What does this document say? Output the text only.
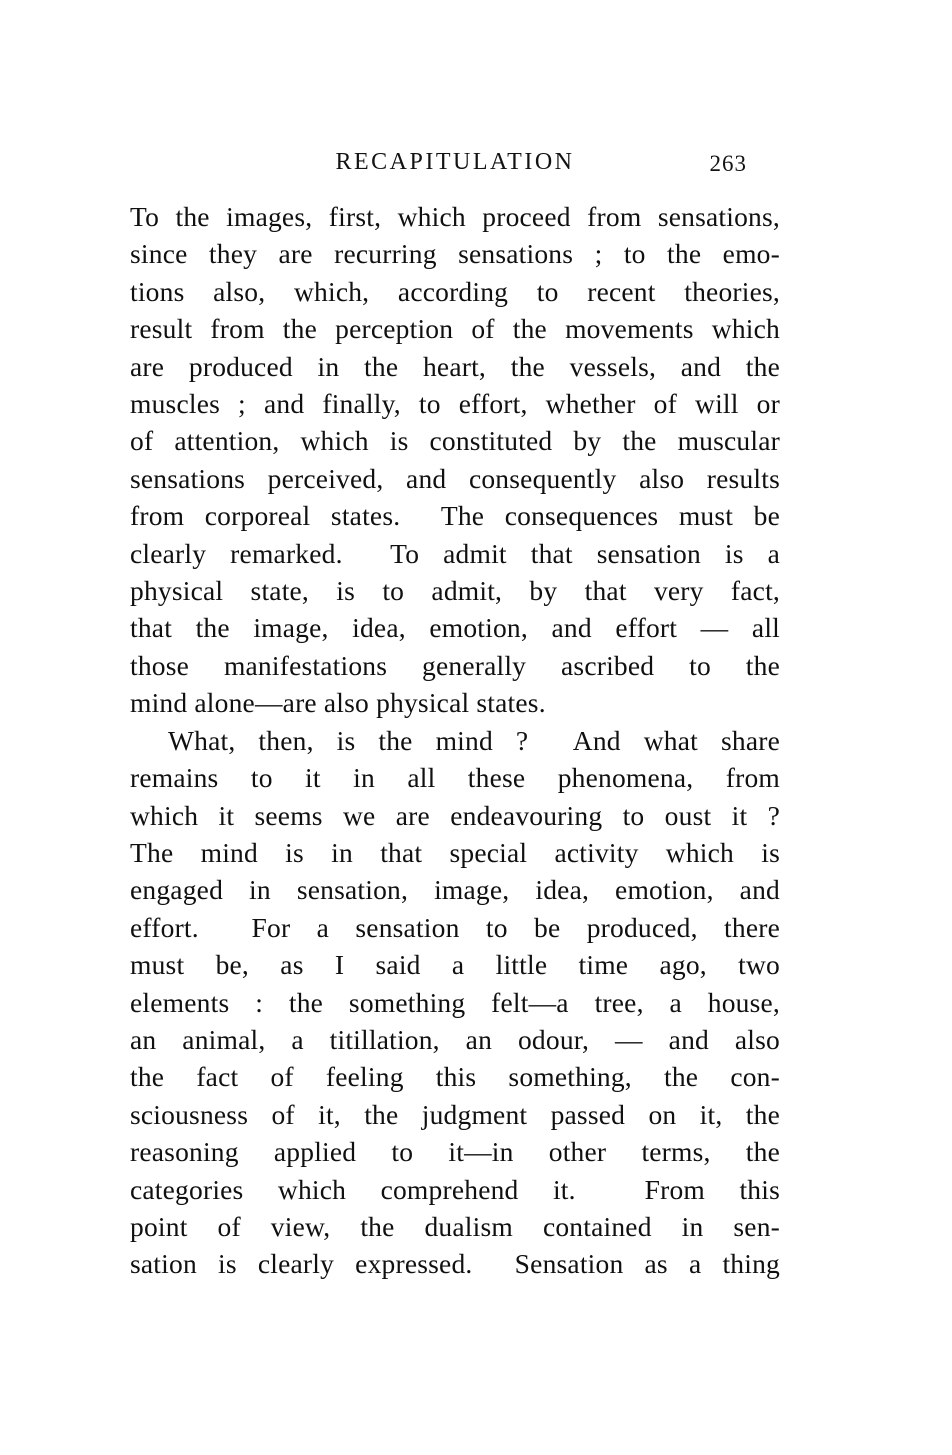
RECAPITULATION	263
To the images, first, which proceed from sensations,
since they are recurring sensations ; to the emo-
tions also, which, according to recent theories,
result from the perception of the movements which
are produced in the heart, the vessels, and the
muscles ; and finally, to effort, whether of will or
of attention, which is constituted by the muscular
sensations perceived, and consequently also results
from corporeal states.  The consequences must be
clearly remarked.  To admit that sensation is a
physical state, is to admit, by that very fact,
that the image, idea, emotion, and effort — all
those manifestations generally ascribed to the
mind alone—are also physical states.
What, then, is the mind ?  And what share
remains to it in all these phenomena, from
which it seems we are endeavouring to oust it ?
The mind is in that special activity which is
engaged in sensation, image, idea, emotion, and
effort.  For a sensation to be produced, there
must be, as I said a little time ago, two
elements : the something felt—a tree, a house,
an animal, a titillation, an odour, — and also
the fact of feeling this something, the con-
sciousness of it, the judgment passed on it, the
reasoning applied to it—in other terms, the
categories which comprehend it.  From this
point of view, the dualism contained in sen-
sation is clearly expressed.  Sensation as a thing
